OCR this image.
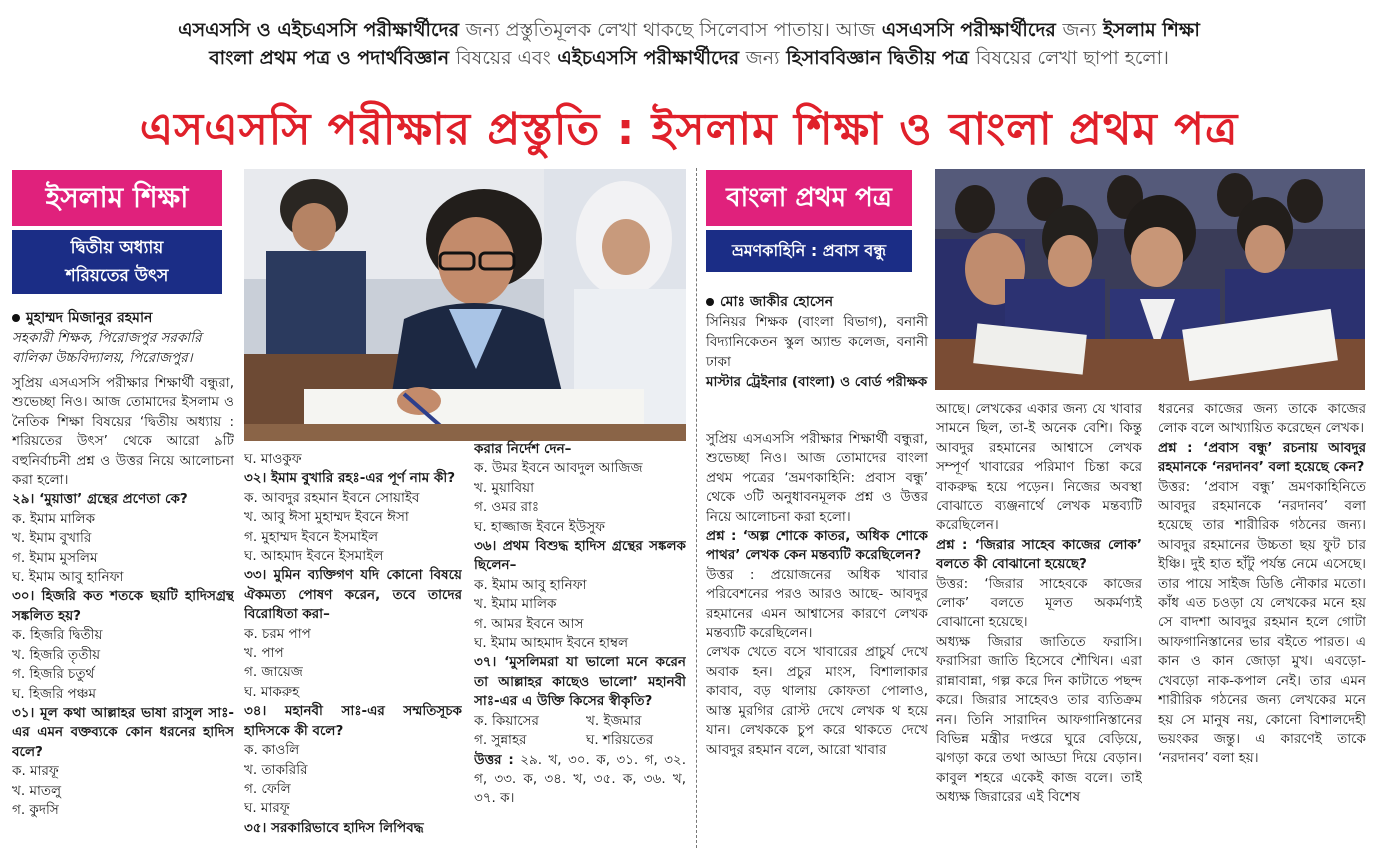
এসএসসি ও এইচএসসি পরীক্ষার্থীদের জন্য প্রস্তুতিমূলক লেখা থাকছে সিলেবাস পাতায়। আজ এসএসসি পরীক্ষার্থীদের জন্য ইসলাম শিক্ষা
বাংলা প্রথম পত্র ও পদার্থবিজ্ঞান বিষয়ের এবং এইচএসসি পরীক্ষার্থীদের জন্য হিসাববিজ্ঞান দ্বিতীয় পত্র বিষয়ের লেখা ছাপা হলো।
এসএসসি পরীক্ষার প্রস্তুতি : ইসলাম শিক্ষা ও বাংলা প্রথম পত্র
ইসলাম শিক্ষা
দ্বিতীয় অধ্যায়
শরিয়তের উৎস
মুহাম্মদ মিজানুর রহমান
সহকারী শিক্ষক, পিরোজপুর সরকারি বালিকা উচ্চবিদ্যালয়, পিরোজপুর।

সুপ্রিয় এসএসসি পরীক্ষার শিক্ষার্থী বন্ধুরা, শুভেচ্ছা নিও। আজ তোমাদের ইসলাম ও নৈতিক শিক্ষা বিষয়ের ‘দ্বিতীয় অধ্যায় : শরিয়তের উৎস’ থেকে আরো ৯টি বহুনির্বাচনী প্রশ্ন ও উত্তর নিয়ে আলোচনা করা হলো।

২৯। ‘মুয়াত্তা’ গ্রন্থের প্রণেতা কে?

ক. ইমাম মালিক

খ. ইমাম বুখারি

গ. ইমাম মুসলিম

ঘ. ইমাম আবু হানিফা

৩০। হিজরি কত শতকে ছয়টি হাদিসগ্রন্থ সঙ্কলিত হয়?

ক. হিজরি দ্বিতীয়

খ. হিজরি তৃতীয়

গ. হিজরি চতুর্থ

ঘ. হিজরি পঞ্চম

৩১। মূল কথা আল্লাহর ভাষা রাসুল সাঃ-এর এমন বক্তব্যকে কোন ধরনের হাদিস বলে?

ক. মারফূ

খ. মাতলু

গ. কুদসি

ঘ. মাওকুফ

৩২। ইমাম বুখারি রহঃ-এর পূর্ণ নাম কী?

ক. আবদুর রহমান ইবনে সোয়াইব

খ. আবু ঈসা মুহাম্মদ ইবনে ঈসা

গ. মুহাম্মদ ইবনে ইসমাইল

ঘ. আহমাদ ইবনে ইসমাইল

৩৩। মুমিন ব্যক্তিগণ যদি কোনো বিষয়ে ঐকমত্য পোষণ করেন, তবে তাদের বিরোধিতা করা–

ক. চরম পাপ

খ. পাপ

গ. জায়েজ

ঘ. মাকরুহ

৩৪। মহানবী সাঃ-এর সম্মতিসূচক হাদিসকে কী বলে?

ক. কাওলি

খ. তাকরিরি

গ. ফেলি

ঘ. মারফূ

৩৫। সরকারিভাবে হাদিস লিপিবদ্ধ

করার নির্দেশ দেন–

ক. উমর ইবনে আবদুল আজিজ

খ. মুয়াবিয়া

গ. ওমর রাঃ

ঘ. হাজ্জাজ ইবনে ইউসুফ

৩৬। প্রথম বিশুদ্ধ হাদিস গ্রন্থের সঙ্কলক ছিলেন–

ক. ইমাম আবু হানিফা

খ. ইমাম মালিক

গ. আমর ইবনে আস

ঘ. ইমাম আহমাদ ইবনে হাম্বল

৩৭। ‘মুসলিমরা যা ভালো মনে করেন তা আল্লাহর কাছেও ভালো’ মহানবী সাঃ-এর এ উক্তি কিসের স্বীকৃতি?

ক. কিয়াসের	খ. ইজমার
গ. সুন্নাহর	ঘ. শরিয়তের

উত্তর : ২৯. খ, ৩০. ক, ৩১. গ, ৩২. গ, ৩৩. ক, ৩৪. খ, ৩৫. ক, ৩৬. খ, ৩৭. ক।

বাংলা প্রথম পত্র
ভ্রমণকাহিনি : প্রবাস বন্ধু
মোঃ জাকীর হোসেন
সিনিয়র শিক্ষক (বাংলা বিভাগ), বনানী বিদ্যানিকেতন স্কুল অ্যান্ড কলেজ, বনানী ঢাকা
মাস্টার ট্রেইনার (বাংলা) ও বোর্ড পরীক্ষক

সুপ্রিয় এসএসসি পরীক্ষার শিক্ষার্থী বন্ধুরা, শুভেচ্ছা নিও। আজ তোমাদের বাংলা প্রথম পত্রের ‘ভ্রমণকাহিনি: প্রবাস বন্ধু’ থেকে ৩টি অনুধাবনমূলক প্রশ্ন ও উত্তর নিয়ে আলোচনা করা হলো।

প্রশ্ন : ‘অল্প শোকে কাতর, অধিক শোকে পাথর’ লেখক কেন মন্তব্যটি করেছিলেন?

উত্তর : প্রয়োজনের অধিক খাবার পরিবেশনের পরও আরও আছে- আবদুর রহমানের এমন আশ্বাসের কারণে লেখক মন্তব্যটি করেছিলেন।

লেখক খেতে বসে খাবারের প্রাচুর্য দেখে অবাক হন। প্রচুর মাংস, বিশালাকার কাবাব, বড় থালায় কোফতা পোলাও, আস্ত মুরগির রোস্ট দেখে লেখক থ হয়ে যান। লেখককে চুপ করে থাকতে দেখে আবদুর রহমান বলে, আরো খাবার

আছে। লেখকের একার জন্য যে খাবার সামনে ছিল, তা-ই অনেক বেশি। কিন্তু আবদুর রহমানের আশ্বাসে লেখক সম্পূর্ণ খাবারের পরিমাণ চিন্তা করে বাকরুদ্ধ হয়ে পড়েন। নিজের অবস্থা বোঝাতে ব্যঞ্জনার্থে লেখক মন্তব্যটি করেছিলেন।

প্রশ্ন : ‘জিরার সাহেব কাজের লোক’ বলতে কী বোঝানো হয়েছে?

উত্তর: ‘জিরার সাহেবকে কাজের লোক’ বলতে মূলত অকর্মণ্যই বোঝানো হয়েছে।

অধ্যক্ষ জিরার জাতিতে ফরাসি। ফরাসিরা জাতি হিসেবে শৌখিন। এরা রান্নাবান্না, গল্প করে দিন কাটাতে পছন্দ করে। জিরার সাহেবও তার ব্যতিক্রম নন। তিনি সারাদিন আফগানিস্তানের বিভিন্ন মন্ত্রীর দপ্তরে ঘুরে বেড়িয়ে, ঝগড়া করে তথা আড্ডা দিয়ে বেড়ান। কাবুল শহরে একেই কাজ বলে। তাই অধ্যক্ষ জিরারের এই বিশেষ

ধরনের কাজের জন্য তাকে কাজের লোক বলে আখ্যায়িত করেছেন লেখক।

প্রশ্ন : ‘প্রবাস বন্ধু’ রচনায় আবদুর রহমানকে ‘নরদানব’ বলা হয়েছে কেন?

উত্তর: ‘প্রবাস বন্ধু’ ভ্রমণকাহিনিতে আবদুর রহমানকে ‘নরদানব’ বলা হয়েছে তার শারীরিক গঠনের জন্য। আবদুর রহমানের উচ্চতা ছয় ফুট চার ইঞ্চি। দুই হাত হাঁটু পর্যন্ত নেমে এসেছে। তার পায়ে সাইজ ডিঙি নৌকার মতো। কাঁধ এত চওড়া যে লেখকের মনে হয় সে বাদশা আবদুর রহমান হলে গোটা আফগানিস্তানের ভার বইতে পারত। এ কান ও কান জোড়া মুখ। এবড়ো-খেবড়ো নাক-কপাল নেই। তার এমন শারীরিক গঠনের জন্য লেখকের মনে হয় সে মানুষ নয়, কোনো বিশালদেহী ভয়ংকর জন্তু। এ কারণেই তাকে ‘নরদানব’ বলা হয়।
